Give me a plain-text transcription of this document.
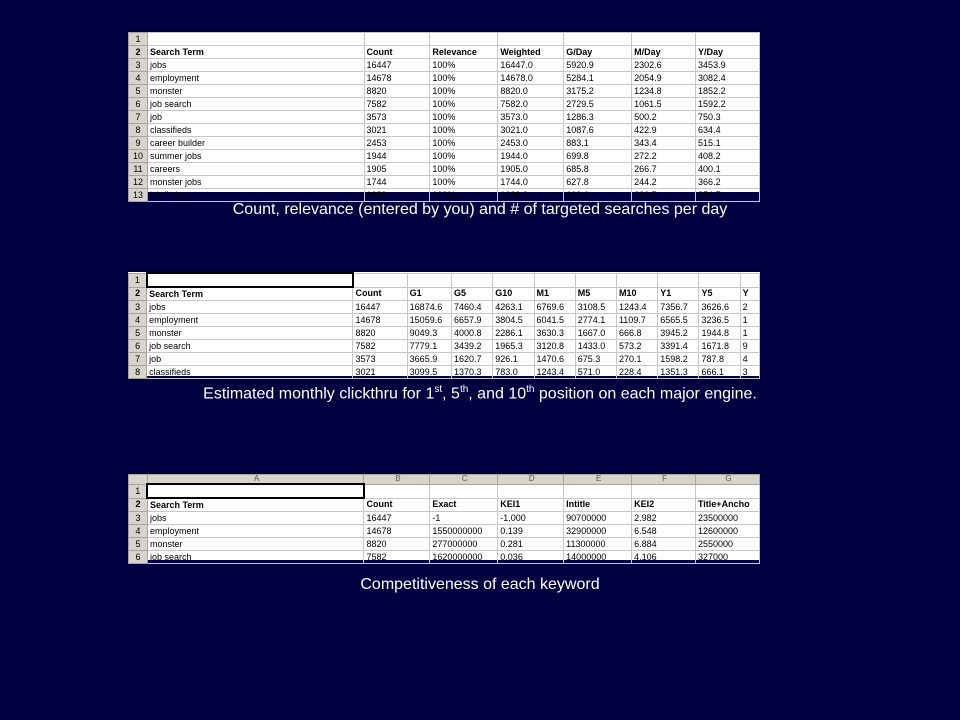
1							
2	Search Term	Count	Relevance	Weighted	G/Day	M/Day	Y/Day
3	jobs	16447	100%	16447.0	5920.9	2302.6	3453.9
4	employment	14678	100%	14678.0	5284.1	2054.9	3082.4
5	monster	8820	100%	8820.0	3175.2	1234.8	1852.2
6	job search	7582	100%	7582.0	2729.5	1061.5	1592.2
7	job	3573	100%	3573.0	1286.3	500.2	750.3
8	classifieds	3021	100%	3021.0	1087.6	422.9	634.4
9	career builder	2453	100%	2453.0	883.1	343.4	515.1
10	summer jobs	1944	100%	1944.0	699.8	272.2	408.2
11	careers	1905	100%	1905.0	685.8	266.7	400.1
12	monster jobs	1744	100%	1744.0	627.8	244.2	366.2
13	job listings	1689	100%	1689.0	608.0	236.5	354.7
Count, relevance (entered by you) and # of targeted searches per day
1											
2	Search Term	Count	G1	G5	G10	M1	M5	M10	Y1	Y5	Y
3	jobs	16447	16874.6	7460.4	4263.1	6769.6	3108.5	1243.4	7356.7	3626.6	2
4	employment	14678	15059.6	6657.9	3804.5	6041.5	2774.1	1109.7	6565.5	3236.5	1
5	monster	8820	9049.3	4000.8	2286.1	3630.3	1667.0	666.8	3945.2	1944.8	1
6	job search	7582	7779.1	3439.2	1965.3	3120.8	1433.0	573.2	3391.4	1671.8	9
7	job	3573	3665.9	1620.7	926.1	1470.6	675.3	270.1	1598.2	787.8	4
8	classifieds	3021	3099.5	1370.3	783.0	1243.4	571.0	228.4	1351.3	666.1	3
Estimated monthly clickthru for 1st, 5th, and 10th position on each major engine.
	A	B	C	D	E	F	G
1							
2	Search Term	Count	Exact	KEI1	Intitle	KEI2	Title+Ancho
3	jobs	16447	-1	-1.000	90700000	2.982	23500000
4	employment	14678	1550000000	0.139	32900000	6.548	12600000
5	monster	8820	277000000	0.281	11300000	6.884	2550000
6	job search	7582	1620000000	0.036	14000000	4.106	327000
Competitiveness of each keyword
